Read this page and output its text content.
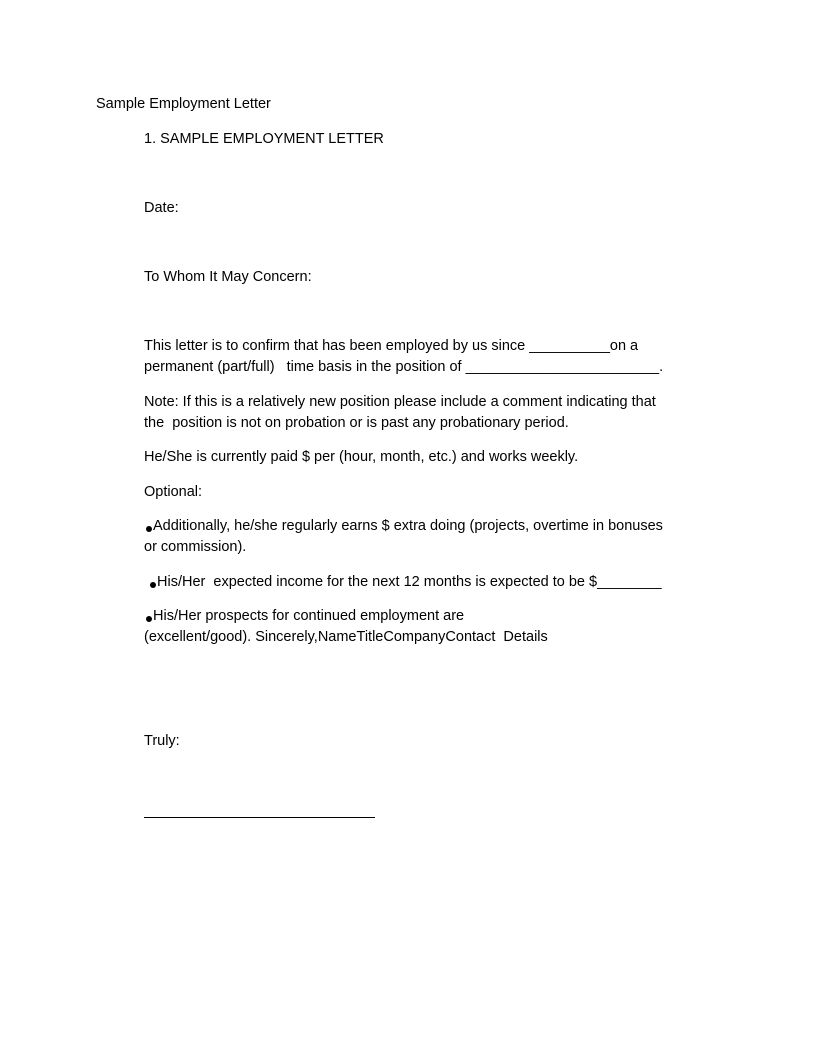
Sample Employment Letter
1. SAMPLE EMPLOYMENT LETTER
Date:
To Whom It May Concern:
This letter is to confirm that has been employed by us since __________on a
permanent (part/full)   time basis in the position of ________________________.
Note: If this is a relatively new position please include a comment indicating that
the  position is not on probation or is past any probationary period.
He/She is currently paid $ per (hour, month, etc.) and works weekly.
Optional:
Additionally, he/she regularly earns $ extra doing (projects, overtime in bonuses
or commission).
His/Her  expected income for the next 12 months is expected to be $________
His/Her prospects for continued employment are
(excellent/good). Sincerely,NameTitleCompanyContact  Details
Truly:
